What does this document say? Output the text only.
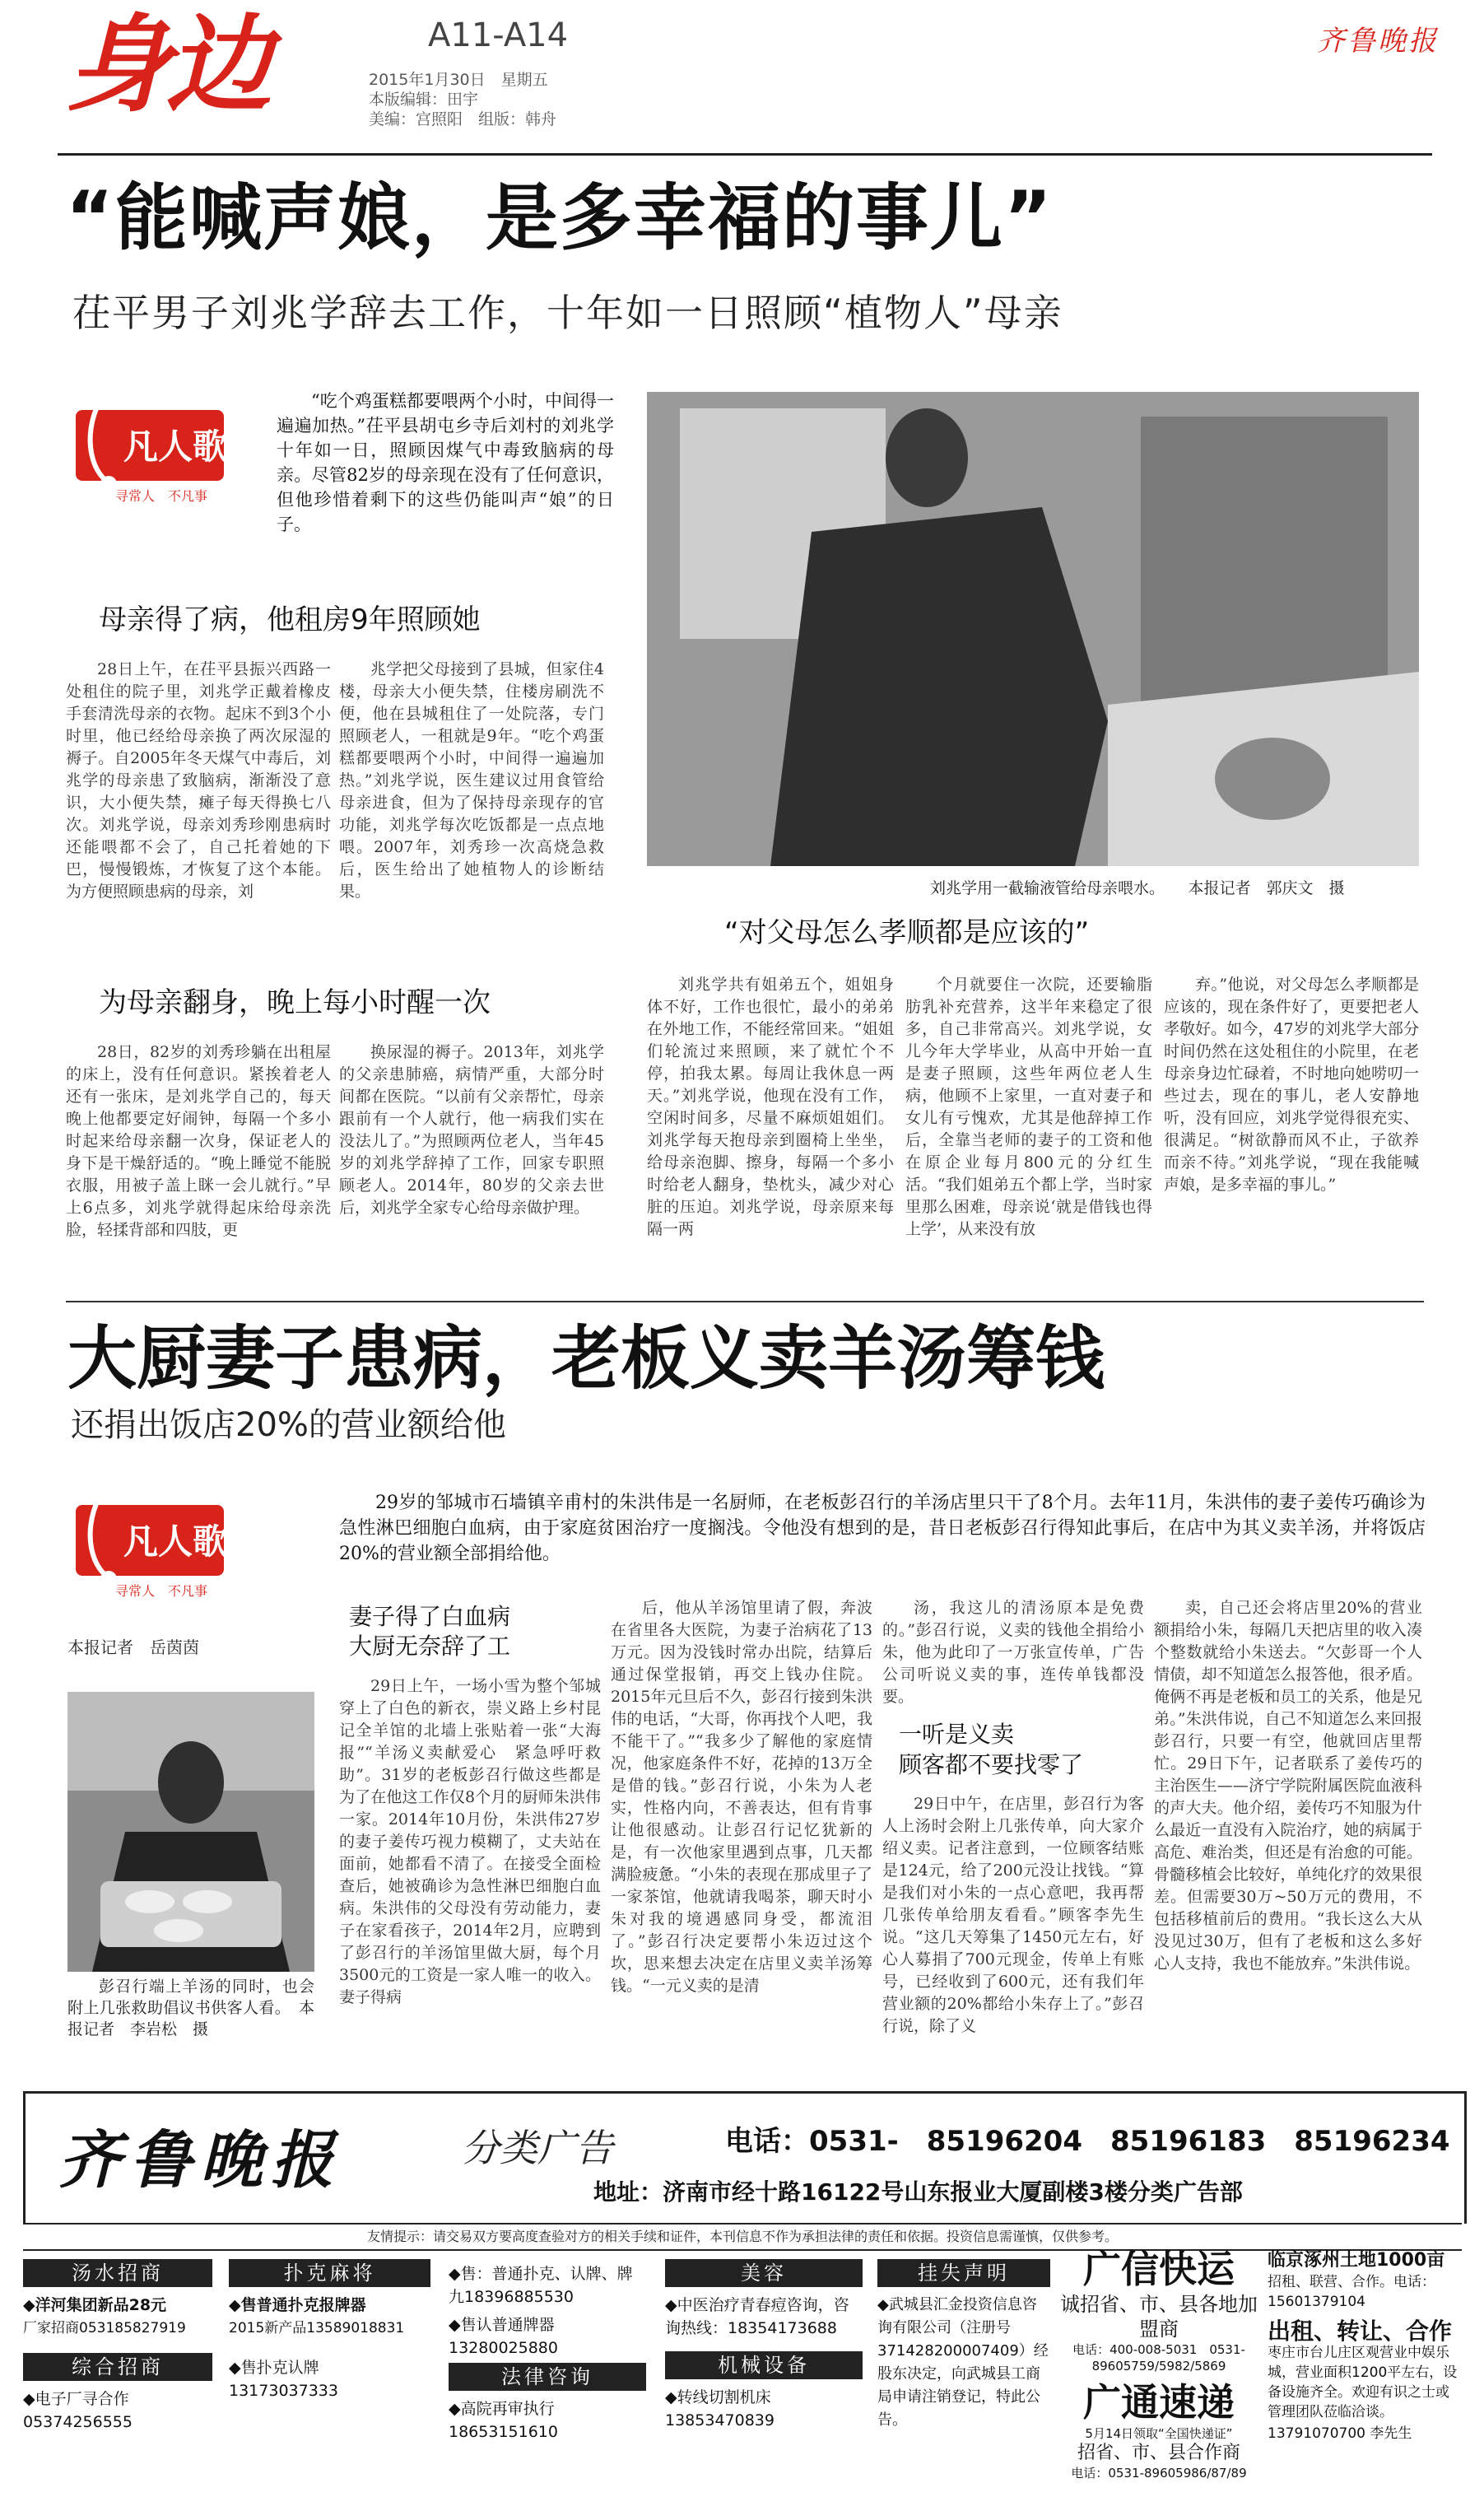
身边	A11-A14
2015年1月30日　星期五
本版编辑：田宇
美编：宫照阳　组版：韩舟
齐鲁晚报
“能喊声娘，是多幸福的事儿”
茌平男子刘兆学辞去工作，十年如一日照顾“植物人”母亲
凡人歌
寻常人　不凡事
“吃个鸡蛋糕都要喂两个小时，中间得一遍遍加热。”茌平县胡屯乡寺后刘村的刘兆学十年如一日，照顾因煤气中毒致脑病的母亲。尽管82岁的母亲现在没有了任何意识，但他珍惜着剩下的这些仍能叫声“娘”的日子。
母亲得了病，他租房9年照顾她
28日上午，在茌平县振兴西路一处租住的院子里，刘兆学正戴着橡皮手套清洗母亲的衣物。起床不到3个小时里，他已经给母亲换了两次尿湿的褥子。自2005年冬天煤气中毒后，刘兆学的母亲患了致脑病，渐渐没了意识，大小便失禁，瘫子每天得换七八次。刘兆学说，母亲刘秀珍刚患病时还能喂都不会了，自己托着她的下巴，慢慢锻炼，才恢复了这个本能。为方便照顾患病的母亲，刘
兆学把父母接到了县城，但家住4楼，母亲大小便失禁，住楼房刷洗不便，他在县城租住了一处院落，专门照顾老人，一租就是9年。“吃个鸡蛋糕都要喂两个小时，中间得一遍遍加热。”刘兆学说，医生建议过用食管给母亲进食，但为了保持母亲现存的官功能，刘兆学每次吃饭都是一点点地喂。2007年，刘秀珍一次高烧急救后，医生给出了她植物人的诊断结果。
为母亲翻身，晚上每小时醒一次
28日，82岁的刘秀珍躺在出租屋的床上，没有任何意识。紧挨着老人还有一张床，是刘兆学自己的，每天晚上他都要定好闹钟，每隔一个多小时起来给母亲翻一次身，保证老人的身下是干燥舒适的。“晚上睡觉不能脱衣服，用被子盖上眯一会儿就行。”早上6点多，刘兆学就得起床给母亲洗脸，轻揉背部和四肢，更
换尿湿的褥子。2013年，刘兆学的父亲患肺癌，病情严重，大部分时间都在医院。“以前有父亲帮忙，母亲跟前有一个人就行，他一病我们实在没法儿了。”为照顾两位老人，当年45岁的刘兆学辞掉了工作，回家专职照顾老人。2014年，80岁的父亲去世后，刘兆学全家专心给母亲做护理。
刘兆学用一截输液管给母亲喂水。　　本报记者　郭庆文　摄
“对父母怎么孝顺都是应该的”
刘兆学共有姐弟五个，姐姐身体不好，工作也很忙，最小的弟弟在外地工作，不能经常回来。“姐姐们轮流过来照顾，来了就忙个不停，拍我太累。每周让我休息一两天。”刘兆学说，他现在没有工作，空闲时间多，尽量不麻烦姐姐们。刘兆学每天抱母亲到圈椅上坐坐，给母亲泡脚、擦身，每隔一个多小时给老人翻身，垫枕头，减少对心脏的压迫。刘兆学说，母亲原来每隔一两
个月就要住一次院，还要输脂肪乳补充营养，这半年来稳定了很多，自己非常高兴。刘兆学说，女儿今年大学毕业，从高中开始一直是妻子照顾，这些年两位老人生病，他顾不上家里，一直对妻子和女儿有亏愧欢，尤其是他辞掉工作后，全靠当老师的妻子的工资和他在原企业每月800元的分红生活。“我们姐弟五个都上学，当时家里那么困难，母亲说‘就是借钱也得上学’，从来没有放
弃。”他说，对父母怎么孝顺都是应该的，现在条件好了，更要把老人孝敬好。如今，47岁的刘兆学大部分时间仍然在这处租住的小院里，在老母亲身边忙碌着，不时地向她唠叨一些过去，现在的事儿，老人安静地听，没有回应，刘兆学觉得很充实、很满足。“树欲静而风不止，子欲养而亲不待。”刘兆学说，“现在我能喊声娘，是多幸福的事儿。”
大厨妻子患病，老板义卖羊汤筹钱
还捐出饭店20%的营业额给他
凡人歌
寻常人　不凡事
29岁的邹城市石墙镇辛甫村的朱洪伟是一名厨师，在老板彭召行的羊汤店里只干了8个月。去年11月，朱洪伟的妻子姜传巧确诊为急性淋巴细胞白血病，由于家庭贫困治疗一度搁浅。令他没有想到的是，昔日老板彭召行得知此事后，在店中为其义卖羊汤，并将饭店20%的营业额全部捐给他。
本报记者　岳茵茵
彭召行端上羊汤的同时，也会附上几张救助倡议书供客人看。　本报记者　李岩松　摄
妻子得了白血病
大厨无奈辞了工
29日上午，一场小雪为整个邹城穿上了白色的新衣，崇义路上乡村昆记全羊馆的北墙上张贴着一张“大海报”“羊汤义卖献爱心　紧急呼吁救助”。31岁的老板彭召行做这些都是为了在他这工作仅8个月的厨师朱洪伟一家。2014年10月份，朱洪伟27岁的妻子姜传巧视力模糊了，丈夫站在面前，她都看不清了。在接受全面检查后，她被确诊为急性淋巴细胞白血病。朱洪伟的父母没有劳动能力，妻子在家看孩子，2014年2月，应聘到了彭召行的羊汤馆里做大厨，每个月3500元的工资是一家人唯一的收入。妻子得病
后，他从羊汤馆里请了假，奔波在省里各大医院，为妻子治病花了13万元。因为没钱时常办出院，结算后通过保堂报销，再交上钱办住院。2015年元旦后不久，彭召行接到朱洪伟的电话，“大哥，你再找个人吧，我不能干了。”“我多少了解他的家庭情况，他家庭条件不好，花掉的13万全是借的钱。”彭召行说，小朱为人老实，性格内向，不善表达，但有肯事让他很感动。让彭召行记忆犹新的是，有一次他家里遇到点事，几天都满脸疲惫。“小朱的表现在那成里子了一家茶馆，他就请我喝茶，聊天时小朱对我的境遇感同身受，都流泪了。”彭召行决定要帮小朱迈过这个坎，思来想去决定在店里义卖羊汤筹钱。“一元义卖的是清
汤，我这儿的清汤原本是免费的。”彭召行说，义卖的钱他全捐给小朱，他为此印了一万张宣传单，广告公司听说义卖的事，连传单钱都没要。
一听是义卖
顾客都不要找零了
29日中午，在店里，彭召行为客人上汤时会附上几张传单，向大家介绍义卖。记者注意到，一位顾客结账是124元，给了200元没让找钱。“算是我们对小朱的一点心意吧，我再帮几张传单给朋友看看。”顾客李先生说。“这几天筹集了1450元左右，好心人募捐了700元现金，传单上有账号，已经收到了600元，还有我们年营业额的20%都给小朱存上了。”彭召行说，除了义
卖，自己还会将店里20%的营业额捐给小朱，每隔几天把店里的收入凑个整数就给小朱送去。“欠彭哥一个人情债，却不知道怎么报答他，很矛盾。俺俩不再是老板和员工的关系，他是兄弟。”朱洪伟说，自己不知道怎么来回报彭召行，只要一有空，他就回店里帮忙。29日下午，记者联系了姜传巧的主治医生——济宁学院附属医院血液科的声大夫。他介绍，姜传巧不知服为什么最近一直没有入院治疗，她的病属于高危、难治类，但还是有治愈的可能。骨髓移植会比较好，单纯化疗的效果很差。但需要30万~50万元的费用，不包括移植前后的费用。“我长这么大从没见过30万，但有了老板和这么多好心人支持，我也不能放弃。”朱洪伟说。
齐鲁晚报	分类广告	电话：0531-　85196204　85196183　85196234
地址：济南市经十路16122号山东报业大厦副楼3楼分类广告部
友情提示：请交易双方要高度查验对方的相关手续和证件，本刊信息不作为承担法律的责任和依据。投资信息需谨慎，仅供参考。
汤水招商
◆洋河集团新品28元
厂家招商05318582791​9
综合招商
◆电子厂寻合作
05374256555
扑克麻将
◆售普通扑克报牌器
2015新产品13589018831
◆售扑克认牌
13173037333
◆售：普通扑克、认牌、牌九18396885530
◆售认普通牌器
13280025880
法律咨询
◆高院再审执行
18653151610
美容
◆中医治疗青春痘咨询，咨询热线：18354173688
机械设备
◆转线切割机床
13853470839
挂失声明
◆武城县汇金投资信息咨询有限公司（注册号371428200007409）经股东决定，向武城县工商局申请注销登记，特此公告。
广信快运
诚招省、市、县各地加盟商
电话：400-008-5031　0531-89605759/5982/5869
广通速递
5月14日领取“全国快递证”
招省、市、县合作商
电话：0531-89605986/87/89
临京涿州土地1000亩
招租、联营、合作。电话：15601379104
出租、转让、合作
枣庄市台儿庄区观营业中娱乐城，营业面积1200平左右，设备设施齐全。欢迎有识之士或管理团队莅临洽谈。
13791070700 李先生
